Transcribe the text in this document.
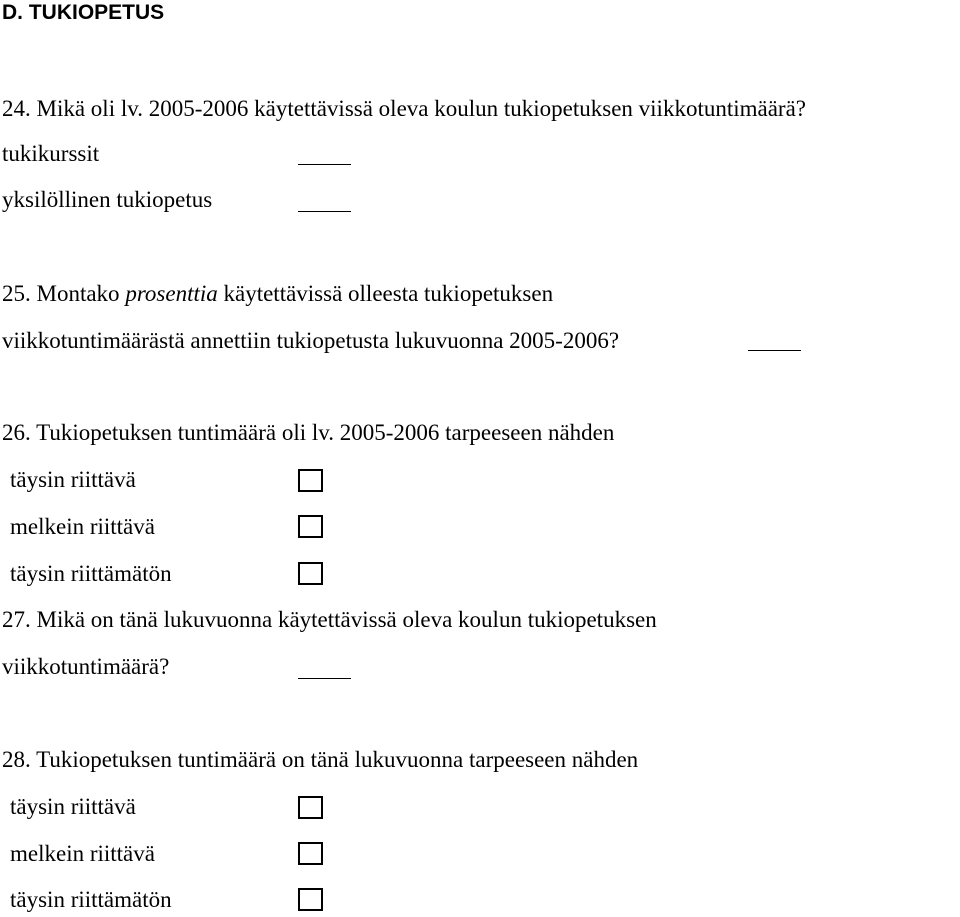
D. TUKIOPETUS
24. Mikä oli lv. 2005-2006 käytettävissä oleva koulun tukiopetuksen viikkotuntimäärä?
tukikurssit
yksilöllinen tukiopetus
25. Montako prosenttia käytettävissä olleesta tukiopetuksen
viikkotuntimäärästä annettiin tukiopetusta lukuvuonna 2005-2006?
26. Tukiopetuksen tuntimäärä oli lv. 2005-2006 tarpeeseen nähden
täysin riittävä
melkein riittävä
täysin riittämätön
27. Mikä on tänä lukuvuonna käytettävissä oleva koulun tukiopetuksen
viikkotuntimäärä?
28. Tukiopetuksen tuntimäärä on tänä lukuvuonna tarpeeseen nähden
täysin riittävä
melkein riittävä
täysin riittämätön
